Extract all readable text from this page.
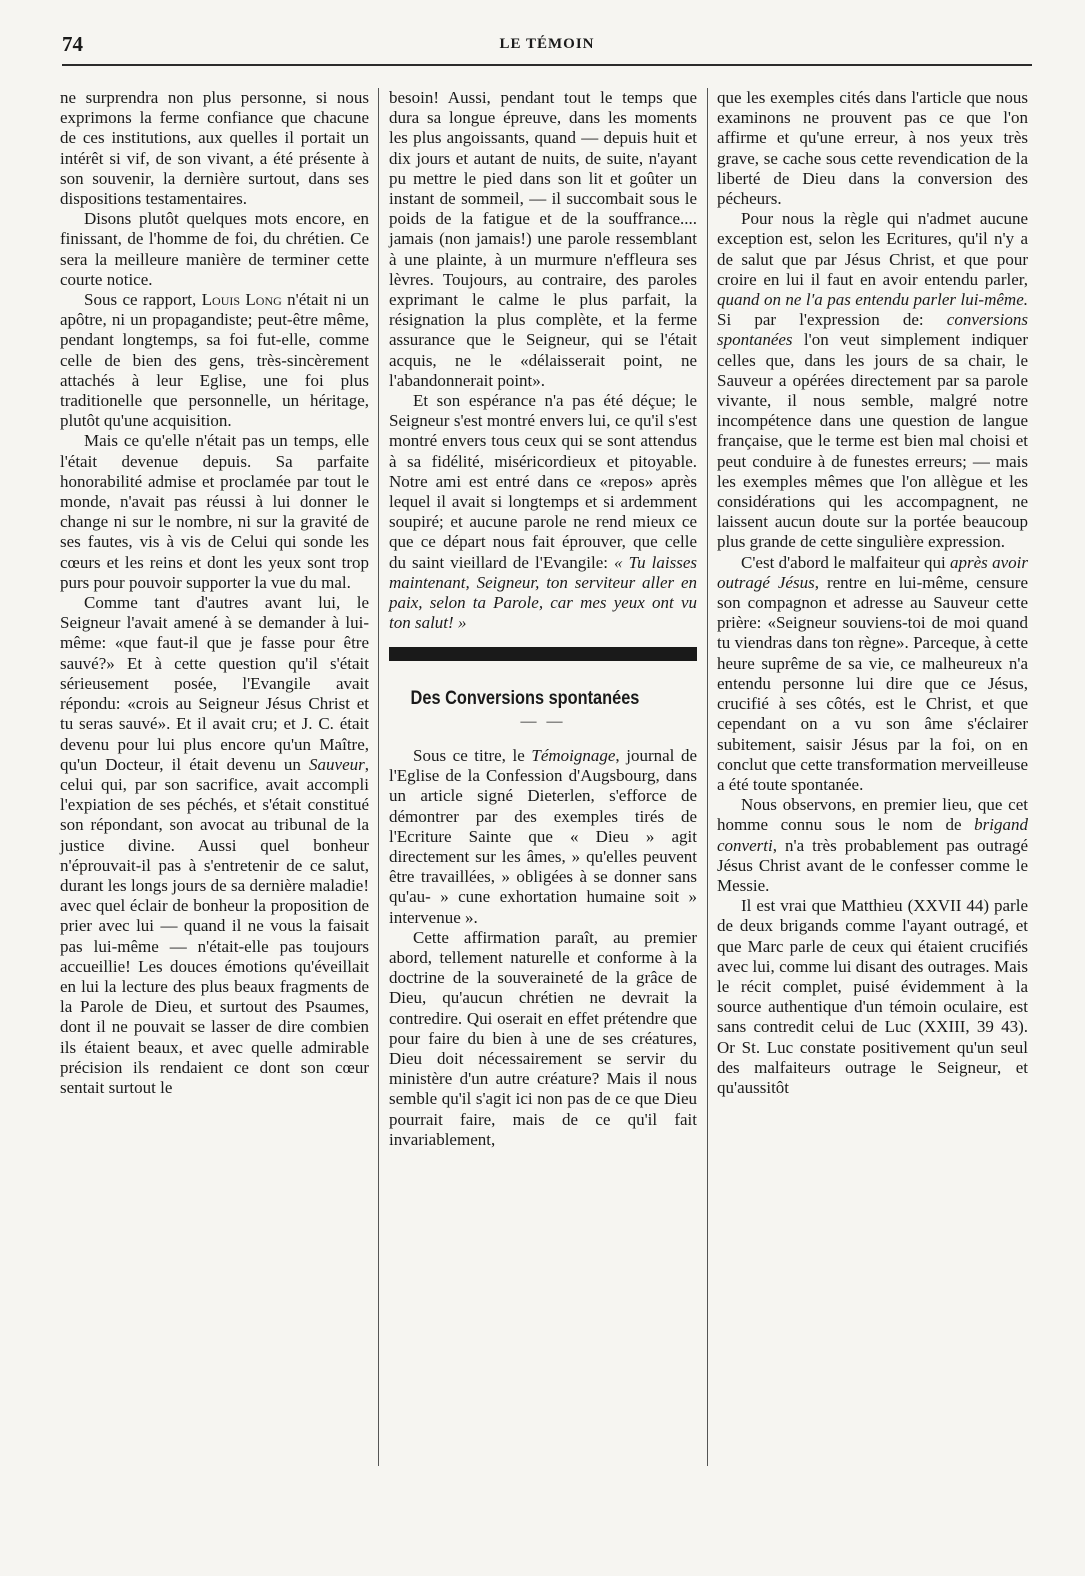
74	LE TÉMOIN

ne surprendra non plus personne, si nous exprimons la ferme confiance que chacune de ces institutions, aux quelles il portait un intérêt si vif, de son vivant, a été présente à son souvenir, la dernière surtout, dans ses dispositions testamentaires.

Disons plutôt quelques mots encore, en finissant, de l'homme de foi, du chrétien. Ce sera la meilleure manière de terminer cette courte notice.

Sous ce rapport, Louis Long n'était ni un apôtre, ni un propagandiste; peut-être même, pendant longtemps, sa foi fut-elle, comme celle de bien des gens, très-sincèrement attachés à leur Eglise, une foi plus traditionelle que personnelle, un héritage, plutôt qu'une acquisition.

Mais ce qu'elle n'était pas un temps, elle l'était devenue depuis. Sa parfaite honorabilité admise et proclamée par tout le monde, n'avait pas réussi à lui donner le change ni sur le nombre, ni sur la gravité de ses fautes, vis à vis de Celui qui sonde les cœurs et les reins et dont les yeux sont trop purs pour pouvoir supporter la vue du mal.

Comme tant d'autres avant lui, le Seigneur l'avait amené à se demander à lui-même: «que faut-il que je fasse pour être sauvé?» Et à cette question qu'il s'était sérieusement posée, l'Evangile avait répondu: «crois au Seigneur Jésus Christ et tu seras sauvé». Et il avait cru; et J. C. était devenu pour lui plus encore qu'un Maître, qu'un Docteur, il était devenu un Sauveur, celui qui, par son sacrifice, avait accompli l'expiation de ses péchés, et s'était constitué son répondant, son avocat au tribunal de la justice divine. Aussi quel bonheur n'éprouvait-il pas à s'entretenir de ce salut, durant les longs jours de sa dernière maladie! avec quel éclair de bonheur la proposition de prier avec lui — quand il ne vous la faisait pas lui-même — n'était-elle pas toujours accueillie! Les douces émotions qu'éveillait en lui la lecture des plus beaux fragments de la Parole de Dieu, et surtout des Psaumes, dont il ne pouvait se lasser de dire combien ils étaient beaux, et avec quelle admirable précision ils rendaient ce dont son cœur sentait surtout le

besoin! Aussi, pendant tout le temps que dura sa longue épreuve, dans les moments les plus angoissants, quand — depuis huit et dix jours et autant de nuits, de suite, n'ayant pu mettre le pied dans son lit et goûter un instant de sommeil, — il succombait sous le poids de la fatigue et de la souffrance.... jamais (non jamais!) une parole ressemblant à une plainte, à un murmure n'effleura ses lèvres. Toujours, au contraire, des paroles exprimant le calme le plus parfait, la résignation la plus complète, et la ferme assurance que le Seigneur, qui se l'était acquis, ne le «délaisserait point, ne l'abandonnerait point».

Et son espérance n'a pas été déçue; le Seigneur s'est montré envers lui, ce qu'il s'est montré envers tous ceux qui se sont attendus à sa fidélité, miséricordieux et pitoyable. Notre ami est entré dans ce «repos» après lequel il avait si longtemps et si ardemment soupiré; et aucune parole ne rend mieux ce que ce départ nous fait éprouver, que celle du saint vieillard de l'Evangile: « Tu laisses maintenant, Seigneur, ton serviteur aller en paix, selon ta Parole, car mes yeux ont vu ton salut! »

Des Conversions spontanées

— —

Sous ce titre, le Témoignage, journal de l'Eglise de la Confession d'Augsbourg, dans un article signé Dieterlen, s'efforce de démontrer par des exemples tirés de l'Ecriture Sainte que « Dieu » agit directement sur les âmes, » qu'elles peuvent être travaillées, » obligées à se donner sans qu'au- » cune exhortation humaine soit » intervenue ».

Cette affirmation paraît, au premier abord, tellement naturelle et conforme à la doctrine de la souveraineté de la grâce de Dieu, qu'aucun chrétien ne devrait la contredire. Qui oserait en effet prétendre que pour faire du bien à une de ses créatures, Dieu doit nécessairement se servir du ministère d'un autre créature? Mais il nous semble qu'il s'agit ici non pas de ce que Dieu pourrait faire, mais de ce qu'il fait invariablement,

que les exemples cités dans l'article que nous examinons ne prouvent pas ce que l'on affirme et qu'une erreur, à nos yeux très grave, se cache sous cette revendication de la liberté de Dieu dans la conversion des pécheurs.

Pour nous la règle qui n'admet aucune exception est, selon les Ecritures, qu'il n'y a de salut que par Jésus Christ, et que pour croire en lui il faut en avoir entendu parler, quand on ne l'a pas entendu parler lui-même. Si par l'expression de: conversions spontanées l'on veut simplement indiquer celles que, dans les jours de sa chair, le Sauveur a opérées directement par sa parole vivante, il nous semble, malgré notre incompétence dans une question de langue française, que le terme est bien mal choisi et peut conduire à de funestes erreurs; — mais les exemples mêmes que l'on allègue et les considérations qui les accompagnent, ne laissent aucun doute sur la portée beaucoup plus grande de cette singulière expression.

C'est d'abord le malfaiteur qui après avoir outragé Jésus, rentre en lui-même, censure son compagnon et adresse au Sauveur cette prière: «Seigneur souviens-toi de moi quand tu viendras dans ton règne». Parceque, à cette heure suprême de sa vie, ce malheureux n'a entendu personne lui dire que ce Jésus, crucifié à ses côtés, est le Christ, et que cependant on a vu son âme s'éclairer subitement, saisir Jésus par la foi, on en conclut que cette transformation merveilleuse a été toute spontanée.

Nous observons, en premier lieu, que cet homme connu sous le nom de brigand converti, n'a très probablement pas outragé Jésus Christ avant de le confesser comme le Messie.

Il est vrai que Matthieu (XXVII 44) parle de deux brigands comme l'ayant outragé, et que Marc parle de ceux qui étaient crucifiés avec lui, comme lui disant des outrages. Mais le récit complet, puisé évidemment à la source authentique d'un témoin oculaire, est sans contredit celui de Luc (XXIII, 39 43). Or St. Luc constate positivement qu'un seul des malfaiteurs outrage le Seigneur, et qu'aussitôt
